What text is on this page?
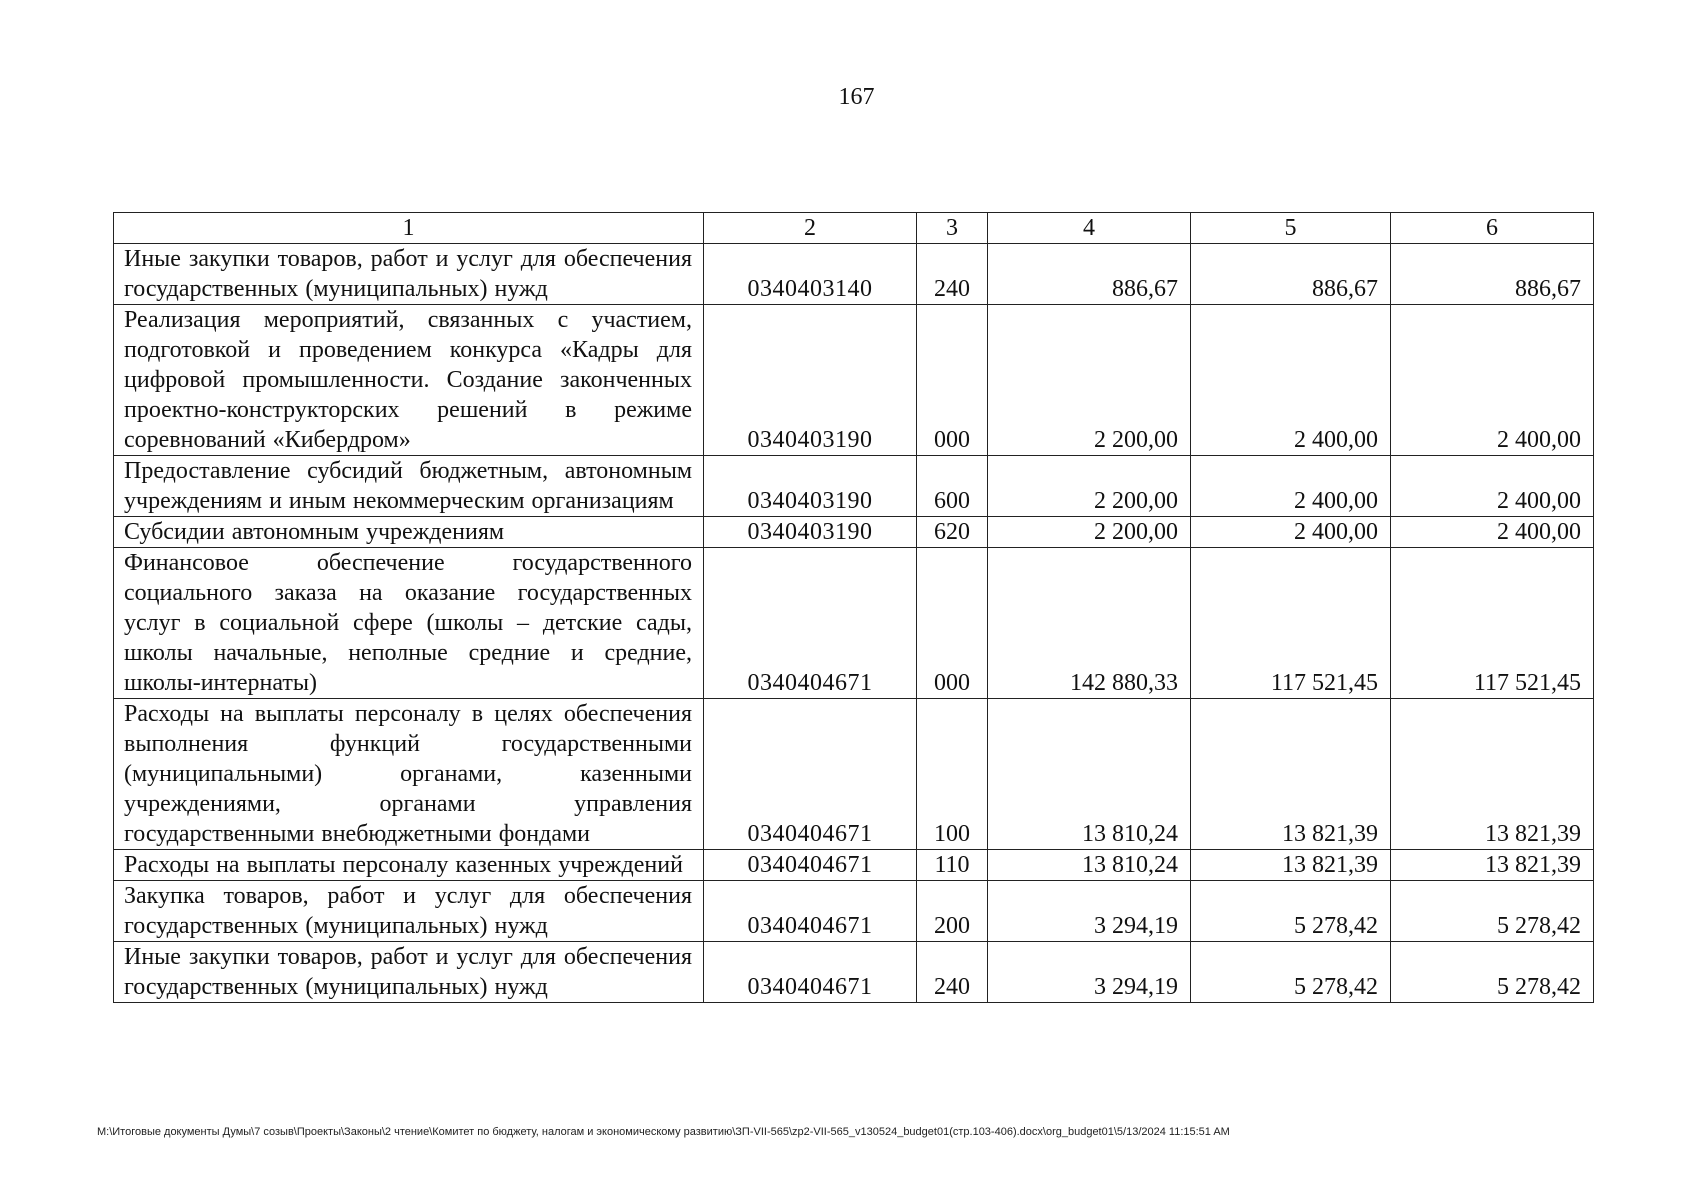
167
1	2	3	4	5	6
Иные закупки товаров, работ и услуг для обеспечения государственных (муниципальных) нужд	0340403140	240	886,67	886,67	886,67
Реализация мероприятий, связанных с участием, подготовкой и проведением конкурса «Кадры для цифровой промышленности. Создание законченных проектно-конструкторских решений в режиме соревнований «Кибердром»	0340403190	000	2 200,00	2 400,00	2 400,00
Предоставление субсидий бюджетным, автономным учреждениям и иным некоммерческим организациям	0340403190	600	2 200,00	2 400,00	2 400,00
Субсидии автономным учреждениям	0340403190	620	2 200,00	2 400,00	2 400,00
Финансовое обеспечение государственного социального заказа на оказание государственных услуг в социальной сфере (школы – детские сады, школы начальные, неполные средние и средние, школы-интернаты)	0340404671	000	142 880,33	117 521,45	117 521,45
Расходы на выплаты персоналу в целях обеспечения выполнения функций государственными (муниципальными) органами, казенными учреждениями, органами управления государственными внебюджетными фондами	0340404671	100	13 810,24	13 821,39	13 821,39
Расходы на выплаты персоналу казенных учреждений	0340404671	110	13 810,24	13 821,39	13 821,39
Закупка товаров, работ и услуг для обеспечения государственных (муниципальных) нужд	0340404671	200	3 294,19	5 278,42	5 278,42
Иные закупки товаров, работ и услуг для обеспечения государственных (муниципальных) нужд	0340404671	240	3 294,19	5 278,42	5 278,42
M:\Итоговые документы Думы\7 созыв\Проекты\Законы\2 чтение\Комитет по бюджету, налогам и экономическому развитию\ЗП-VII-565\zp2-VII-565_v130524_budget01(стр.103-406).docx\org_budget01\5/13/2024 11:15:51 AM
